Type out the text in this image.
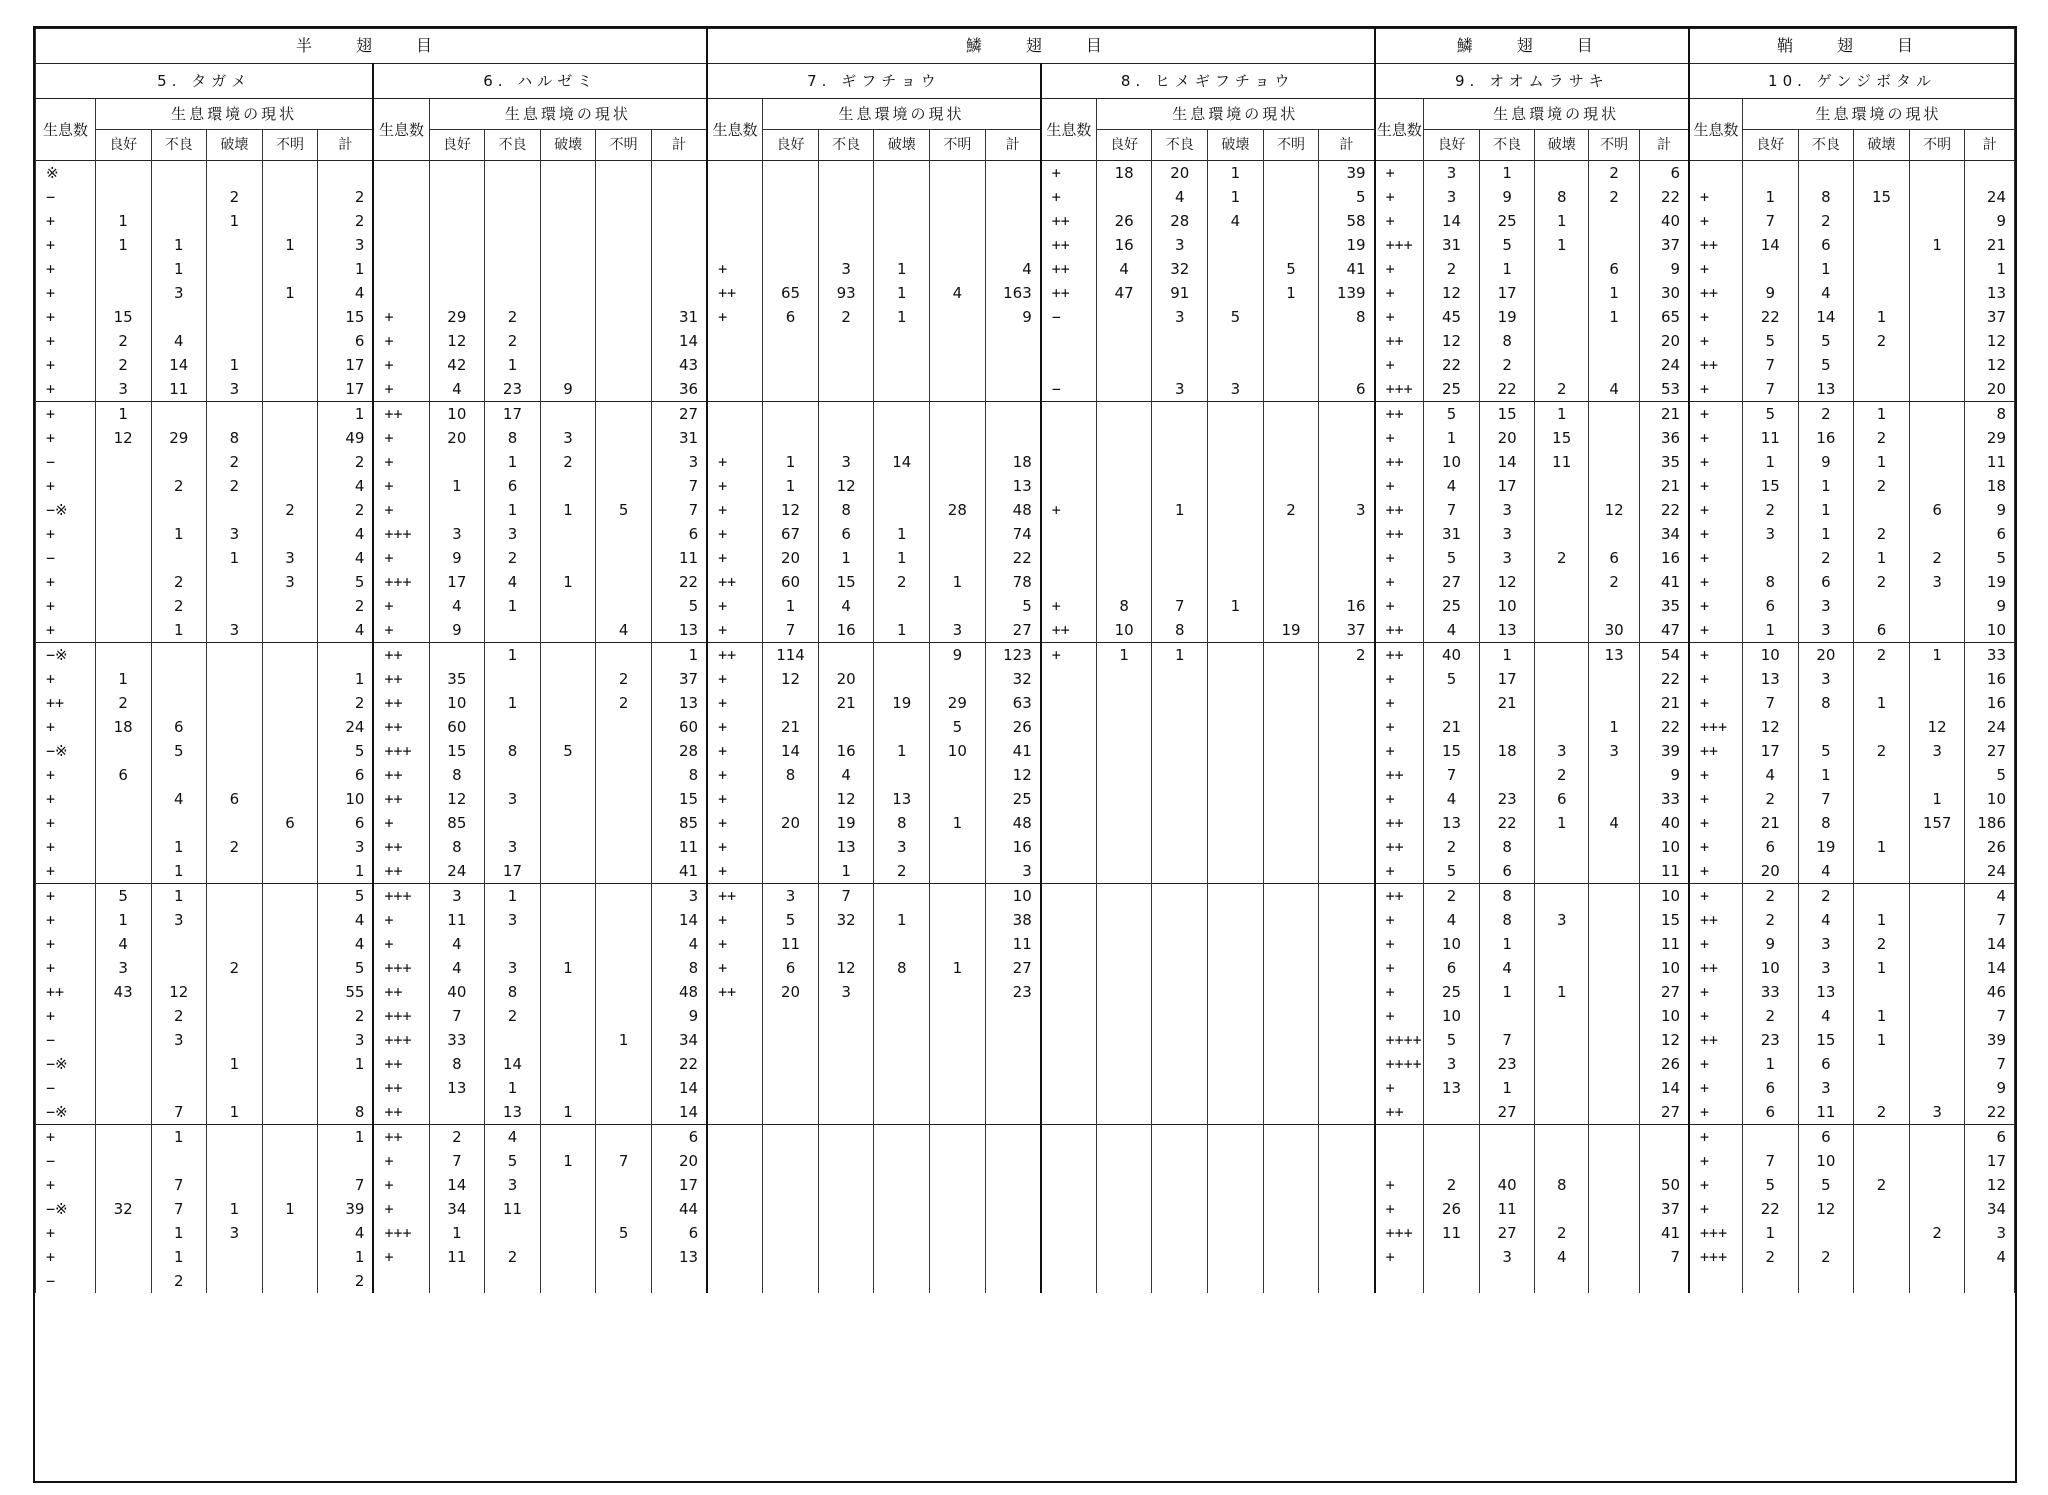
半　翅　目												鱗　翅　目												鱗　翅　目						鞘　翅　目					
5. タガメ						6. ハルゼミ						7. ギフチョウ						8. ヒメギフチョウ						9. オオムラサキ						10. ゲンジボタル					
生息数	生息環境の現状					生息数	生息環境の現状					生息数	生息環境の現状					生息数	生息環境の現状					生息数	生息環境の現状					生息数	生息環境の現状				
	良好	不良	破壊	不明	計		良好	不良	破壊	不明	計		良好	不良	破壊	不明	計		良好	不良	破壊	不明	計		良好	不良	破壊	不明	計		良好	不良	破壊	不明	計
※																		+	18	20	1		39	+	3	1		2	6						
−			2		2													+		4	1		5	+	3	9	8	2	22	+	1	8	15		24
+	1		1		2													++	26	28	4		58	+	14	25	1		40	+	7	2			9
+	1	1		1	3													++	16	3			19	+++	31	5	1		37	++	14	6		1	21
+		1			1							+		3	1		4	++	4	32		5	41	+	2	1		6	9	+		1			1
+		3		1	4							++	65	93	1	4	163	++	47	91		1	139	+	12	17		1	30	++	9	4			13
+	15				15	+	29	2			31	+	6	2	1		9	−		3	5		8	+	45	19		1	65	+	22	14	1		37
+	2	4			6	+	12	2			14													++	12	8			20	+	5	5	2		12
+	2	14	1		17	+	42	1			43													+	22	2			24	++	7	5			12
+	3	11	3		17	+	4	23	9		36							−		3	3		6	+++	25	22	2	4	53	+	7	13			20
+	1				1	++	10	17			27													++	5	15	1		21	+	5	2	1		8
+	12	29	8		49	+	20	8	3		31													+	1	20	15		36	+	11	16	2		29
−			2		2	+		1	2		3	+	1	3	14		18							++	10	14	11		35	+	1	9	1		11
+		2	2		4	+	1	6			7	+	1	12			13							+	4	17			21	+	15	1	2		18
−※				2	2	+		1	1	5	7	+	12	8		28	48	+		1		2	3	++	7	3		12	22	+	2	1		6	9
+		1	3		4	+++	3	3			6	+	67	6	1		74							++	31	3			34	+	3	1	2		6
−			1	3	4	+	9	2			11	+	20	1	1		22							+	5	3	2	6	16	+		2	1	2	5
+		2		3	5	+++	17	4	1		22	++	60	15	2	1	78							+	27	12		2	41	+	8	6	2	3	19
+		2			2	+	4	1			5	+	1	4			5	+	8	7	1		16	+	25	10			35	+	6	3			9
+		1	3		4	+	9			4	13	+	7	16	1	3	27	++	10	8		19	37	++	4	13		30	47	+	1	3	6		10
−※						++		1			1	++	114			9	123	+	1	1			2	++	40	1		13	54	+	10	20	2	1	33
+	1				1	++	35			2	37	+	12	20			32							+	5	17			22	+	13	3			16
++	2				2	++	10	1		2	13	+		21	19	29	63							+		21			21	+	7	8	1		16
+	18	6			24	++	60				60	+	21			5	26							+	21			1	22	+++	12			12	24
−※		5			5	+++	15	8	5		28	+	14	16	1	10	41							+	15	18	3	3	39	++	17	5	2	3	27
+	6				6	++	8				8	+	8	4			12							++	7		2		9	+	4	1			5
+		4	6		10	++	12	3			15	+		12	13		25							+	4	23	6		33	+	2	7		1	10
+				6	6	+	85				85	+	20	19	8	1	48							++	13	22	1	4	40	+	21	8		157	186
+		1	2		3	++	8	3			11	+		13	3		16							++	2	8			10	+	6	19	1		26
+		1			1	++	24	17			41	+		1	2		3							+	5	6			11	+	20	4			24
+	5	1			5	+++	3	1			3	++	3	7			10							++	2	8			10	+	2	2			4
+	1	3			4	+	11	3			14	+	5	32	1		38							+	4	8	3		15	++	2	4	1		7
+	4				4	+	4				4	+	11				11							+	10	1			11	+	9	3	2		14
+	3		2		5	+++	4	3	1		8	+	6	12	8	1	27							+	6	4			10	++	10	3	1		14
++	43	12			55	++	40	8			48	++	20	3			23							+	25	1	1		27	+	33	13			46
+		2			2	+++	7	2			9													+	10				10	+	2	4	1		7
−		3			3	+++	33			1	34													++++	5	7			12	++	23	15	1		39
−※			1		1	++	8	14			22													++++	3	23			26	+	1	6			7
−						++	13	1			14													+	13	1			14	+	6	3			9
−※		7	1		8	++		13	1		14													++		27			27	+	6	11	2	3	22
+		1			1	++	2	4			6																			+		6			6
−						+	7	5	1	7	20																			+	7	10			17
+		7			7	+	14	3			17													+	2	40	8		50	+	5	5	2		12
−※	32	7	1	1	39	+	34	11			44													+	26	11			37	+	22	12			34
+		1	3		4	+++	1			5	6													+++	11	27	2		41	+++	1			2	3
+		1			1	+	11	2			13													+		3	4		7	+++	2	2			4
−		2			2																														
